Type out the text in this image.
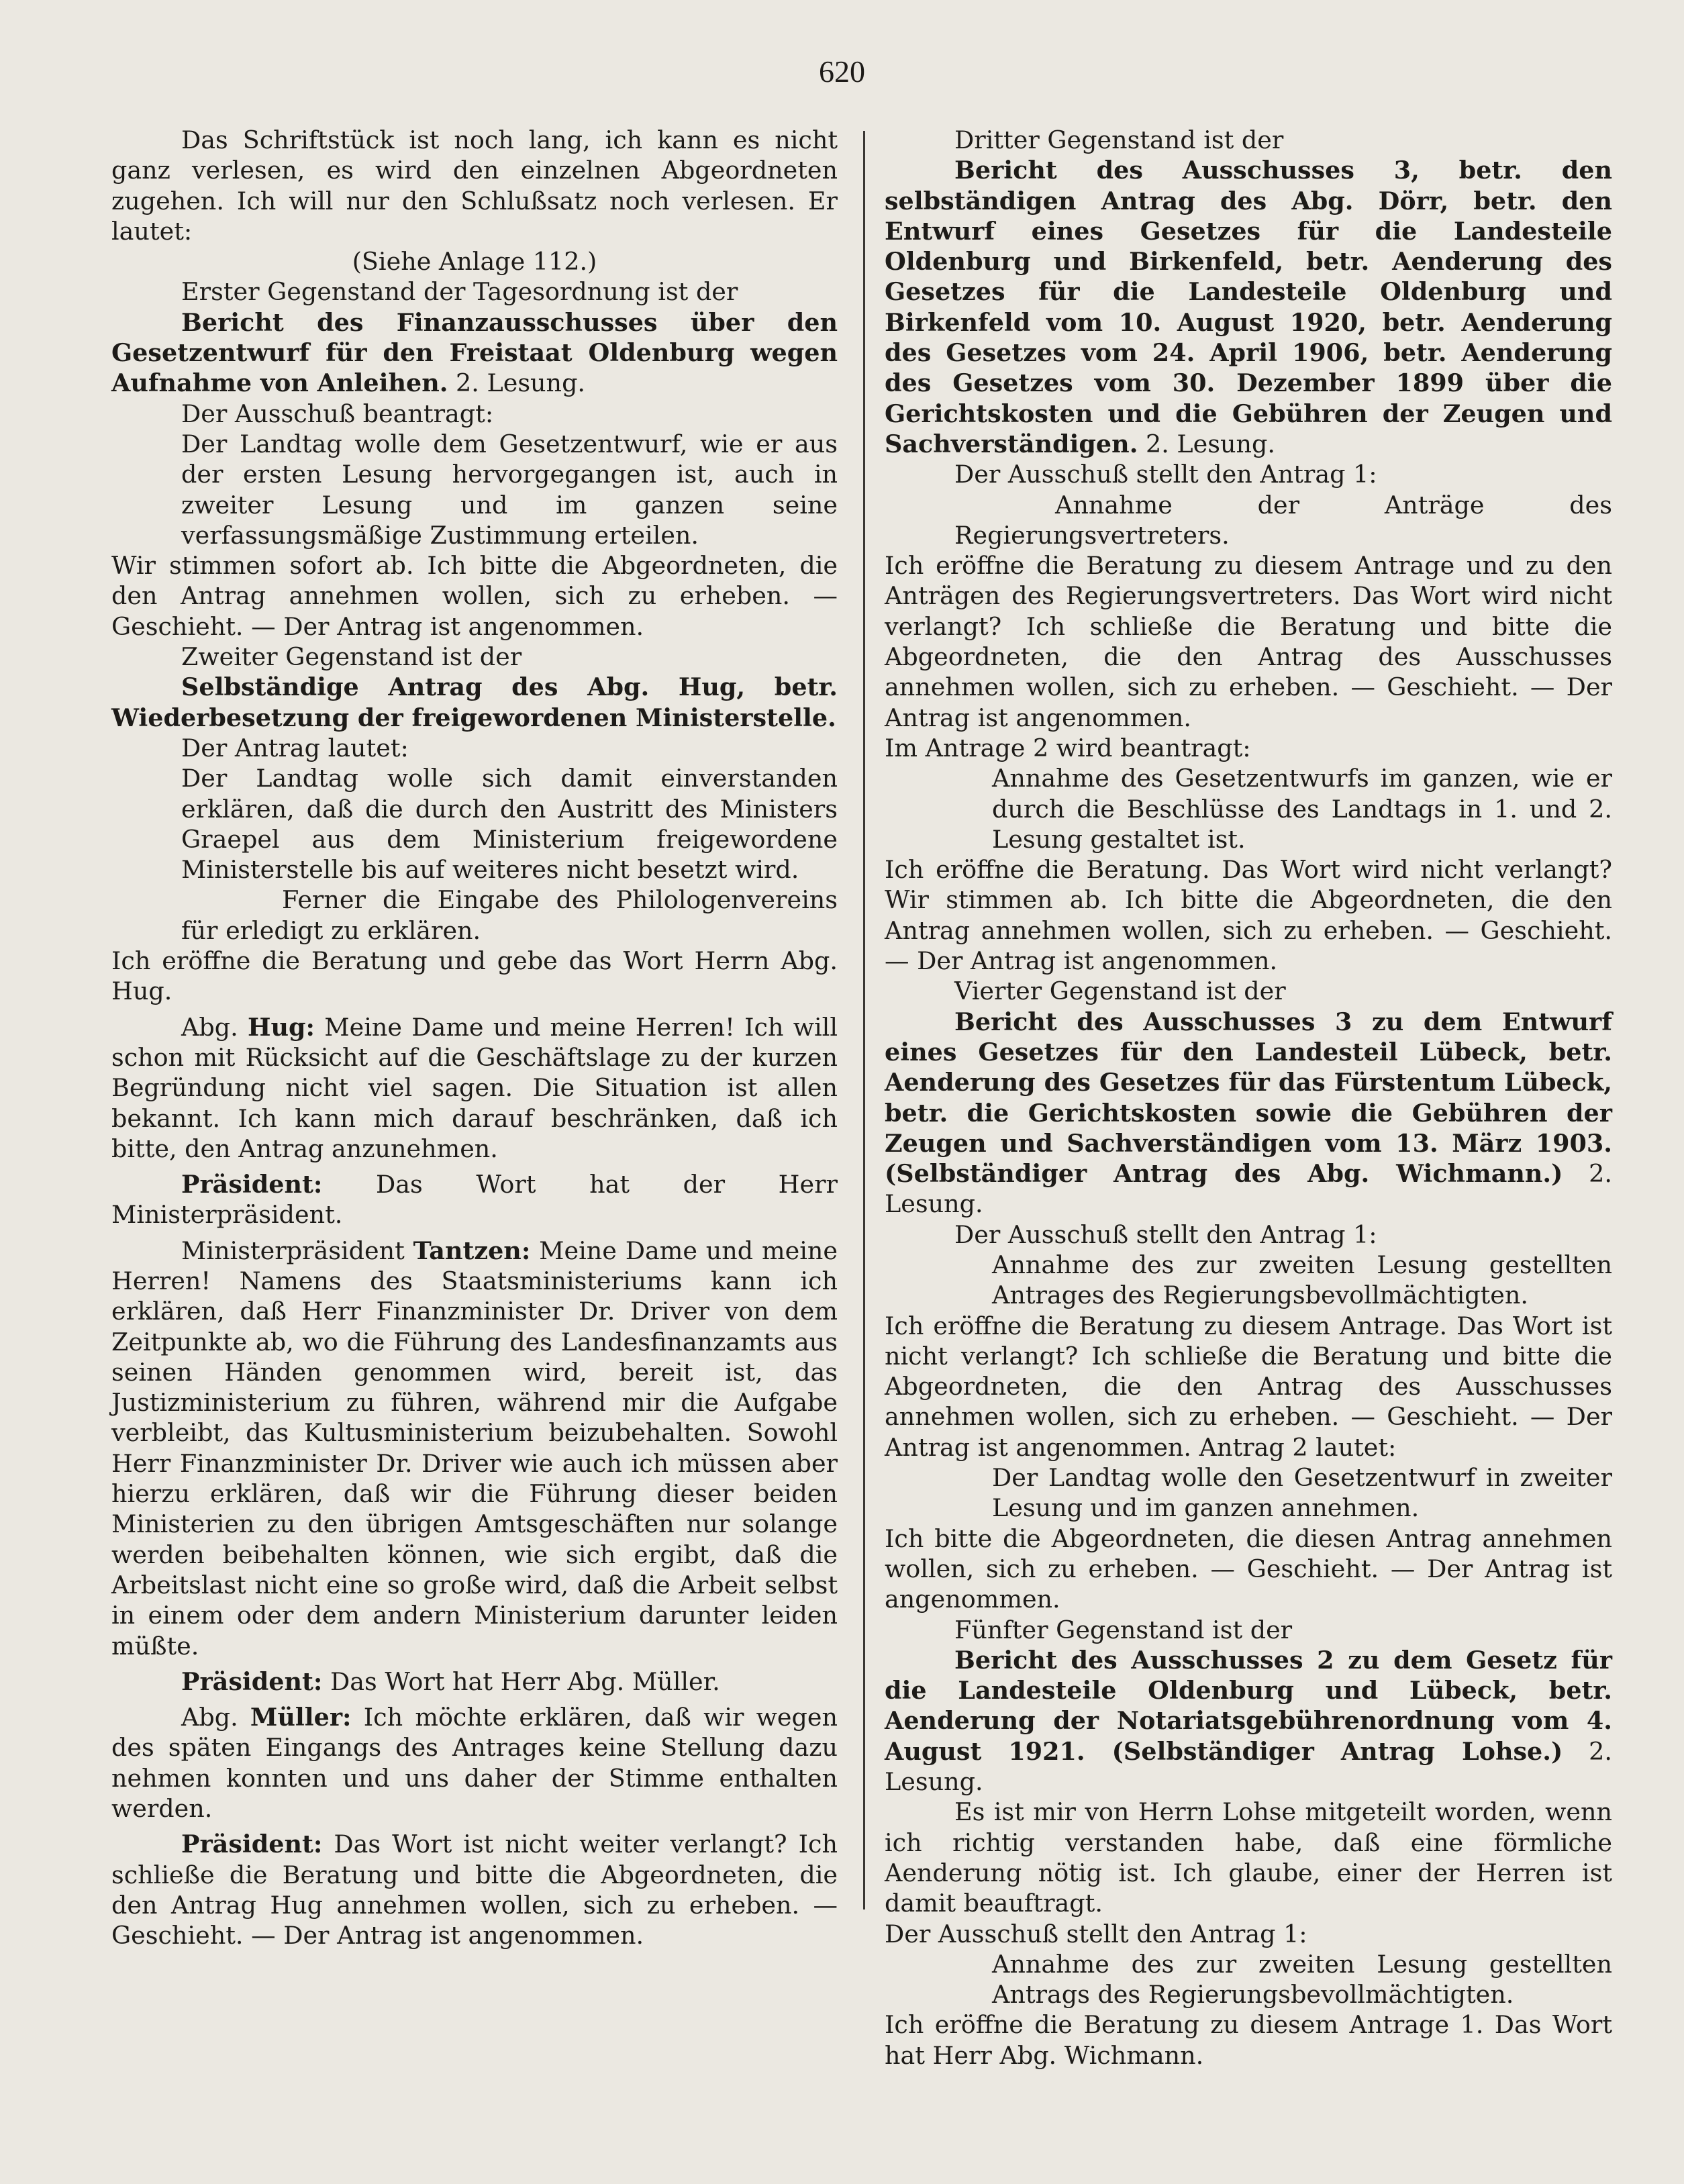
620

Das Schriftstück ist noch lang, ich kann es nicht ganz verlesen, es wird den einzelnen Abgeordneten zugehen. Ich will nur den Schlußsatz noch verlesen. Er lautet:

(Siehe Anlage 112.)

Erster Gegenstand der Tagesordnung ist der

Bericht des Finanzausschusses über den Gesetzentwurf für den Freistaat Oldenburg wegen Aufnahme von Anleihen. 2. Lesung.

Der Ausschuß beantragt:

Der Landtag wolle dem Gesetzentwurf, wie er aus der ersten Lesung hervorgegangen ist, auch in zweiter Lesung und im ganzen seine verfassungsmäßige Zustimmung erteilen.

Wir stimmen sofort ab. Ich bitte die Abgeordneten, die den Antrag annehmen wollen, sich zu erheben. — Geschieht. — Der Antrag ist angenommen.

Zweiter Gegenstand ist der

Selbständige Antrag des Abg. Hug, betr. Wiederbesetzung der freigewordenen Ministerstelle.

Der Antrag lautet:

Der Landtag wolle sich damit einverstanden erklären, daß die durch den Austritt des Ministers Graepel aus dem Ministerium freigewordene Ministerstelle bis auf weiteres nicht besetzt wird.

Ferner die Eingabe des Philologenvereins für erledigt zu erklären.

Ich eröffne die Beratung und gebe das Wort Herrn Abg. Hug.

Abg. Hug: Meine Dame und meine Herren! Ich will schon mit Rücksicht auf die Geschäftslage zu der kurzen Begründung nicht viel sagen. Die Situation ist allen bekannt. Ich kann mich darauf beschränken, daß ich bitte, den Antrag anzunehmen.

Präsident: Das Wort hat der Herr Ministerpräsident.

Ministerpräsident Tantzen: Meine Dame und meine Herren! Namens des Staatsministeriums kann ich erklären, daß Herr Finanzminister Dr. Driver von dem Zeitpunkte ab, wo die Führung des Landesfinanzamts aus seinen Händen genommen wird, bereit ist, das Justizministerium zu führen, während mir die Aufgabe verbleibt, das Kultusministerium beizubehalten. Sowohl Herr Finanzminister Dr. Driver wie auch ich müssen aber hierzu erklären, daß wir die Führung dieser beiden Ministerien zu den übrigen Amtsgeschäften nur solange werden beibehalten können, wie sich ergibt, daß die Arbeitslast nicht eine so große wird, daß die Arbeit selbst in einem oder dem andern Ministerium darunter leiden müßte.

Präsident: Das Wort hat Herr Abg. Müller.

Abg. Müller: Ich möchte erklären, daß wir wegen des späten Eingangs des Antrages keine Stellung dazu nehmen konnten und uns daher der Stimme enthalten werden.

Präsident: Das Wort ist nicht weiter verlangt? Ich schließe die Beratung und bitte die Abgeordneten, die den Antrag Hug annehmen wollen, sich zu erheben. — Geschieht. — Der Antrag ist angenommen.

Dritter Gegenstand ist der

Bericht des Ausschusses 3, betr. den selbständigen Antrag des Abg. Dörr, betr. den Entwurf eines Gesetzes für die Landesteile Oldenburg und Birkenfeld, betr. Aenderung des Gesetzes für die Landesteile Oldenburg und Birkenfeld vom 10. August 1920, betr. Aenderung des Gesetzes vom 24. April 1906, betr. Aenderung des Gesetzes vom 30. Dezember 1899 über die Gerichtskosten und die Gebühren der Zeugen und Sachverständigen. 2. Lesung.

Der Ausschuß stellt den Antrag 1:

Annahme der Anträge des Regierungsvertreters.

Ich eröffne die Beratung zu diesem Antrage und zu den Anträgen des Regierungsvertreters. Das Wort wird nicht verlangt? Ich schließe die Beratung und bitte die Abgeordneten, die den Antrag des Ausschusses annehmen wollen, sich zu erheben. — Geschieht. — Der Antrag ist angenommen.

Im Antrage 2 wird beantragt:

Annahme des Gesetzentwurfs im ganzen, wie er durch die Beschlüsse des Landtags in 1. und 2. Lesung gestaltet ist.

Ich eröffne die Beratung. Das Wort wird nicht verlangt? Wir stimmen ab. Ich bitte die Abgeordneten, die den Antrag annehmen wollen, sich zu erheben. — Geschieht. — Der Antrag ist angenommen.

Vierter Gegenstand ist der

Bericht des Ausschusses 3 zu dem Entwurf eines Gesetzes für den Landesteil Lübeck, betr. Aenderung des Gesetzes für das Fürstentum Lübeck, betr. die Gerichtskosten sowie die Gebühren der Zeugen und Sachverständigen vom 13. März 1903. (Selbständiger Antrag des Abg. Wichmann.) 2. Lesung.

Der Ausschuß stellt den Antrag 1:

Annahme des zur zweiten Lesung gestellten Antrages des Regierungsbevollmächtigten.

Ich eröffne die Beratung zu diesem Antrage. Das Wort ist nicht verlangt? Ich schließe die Beratung und bitte die Abgeordneten, die den Antrag des Ausschusses annehmen wollen, sich zu erheben. — Geschieht. — Der Antrag ist angenommen. Antrag 2 lautet:

Der Landtag wolle den Gesetzentwurf in zweiter Lesung und im ganzen annehmen.

Ich bitte die Abgeordneten, die diesen Antrag annehmen wollen, sich zu erheben. — Geschieht. — Der Antrag ist angenommen.

Fünfter Gegenstand ist der

Bericht des Ausschusses 2 zu dem Gesetz für die Landesteile Oldenburg und Lübeck, betr. Aenderung der Notariatsgebührenordnung vom 4. August 1921. (Selbständiger Antrag Lohse.) 2. Lesung.

Es ist mir von Herrn Lohse mitgeteilt worden, wenn ich richtig verstanden habe, daß eine förmliche Aenderung nötig ist. Ich glaube, einer der Herren ist damit beauftragt.

Der Ausschuß stellt den Antrag 1:

Annahme des zur zweiten Lesung gestellten Antrags des Regierungsbevollmächtigten.

Ich eröffne die Beratung zu diesem Antrage 1. Das Wort hat Herr Abg. Wichmann.
